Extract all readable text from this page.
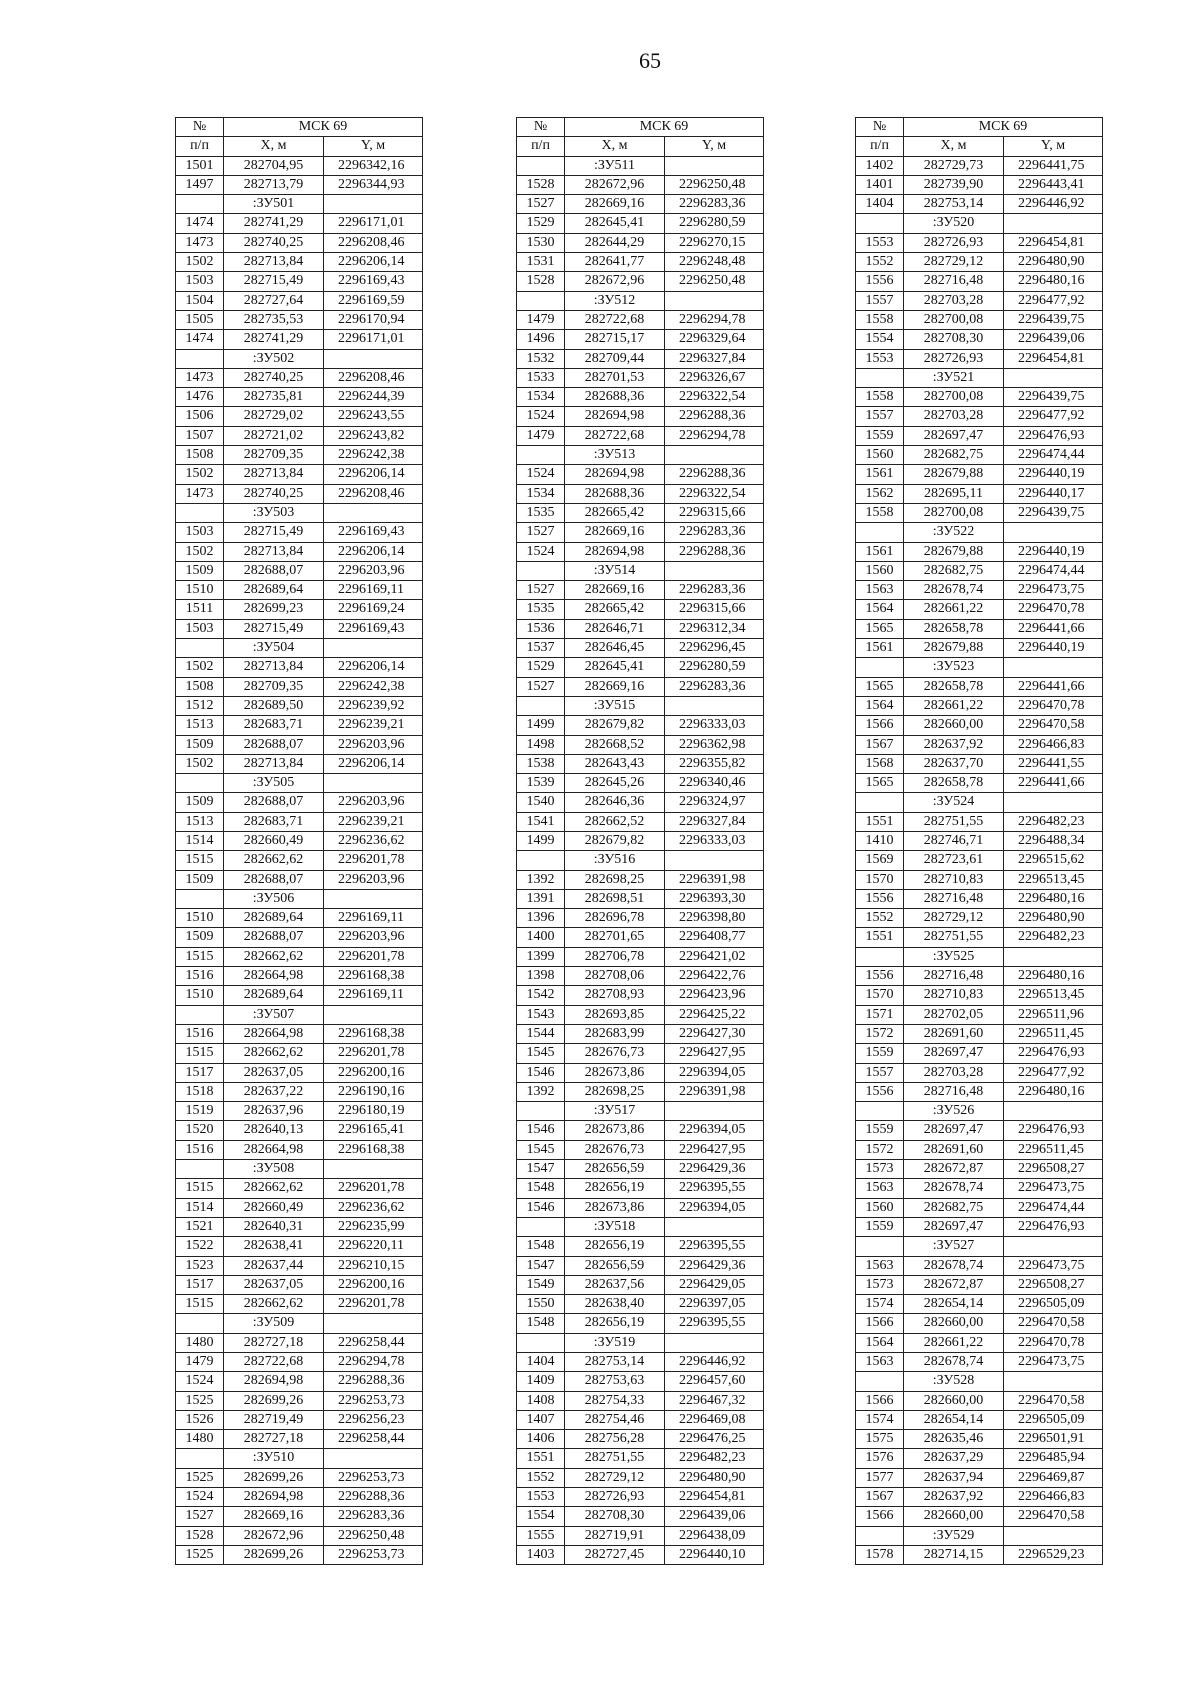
65
№	МСК 69	
п/п	X, м	Y, м
1501	282704,95	2296342,16
1497	282713,79	2296344,93
	:ЗУ501	
1474	282741,29	2296171,01
1473	282740,25	2296208,46
1502	282713,84	2296206,14
1503	282715,49	2296169,43
1504	282727,64	2296169,59
1505	282735,53	2296170,94
1474	282741,29	2296171,01
	:ЗУ502	
1473	282740,25	2296208,46
1476	282735,81	2296244,39
1506	282729,02	2296243,55
1507	282721,02	2296243,82
1508	282709,35	2296242,38
1502	282713,84	2296206,14
1473	282740,25	2296208,46
	:ЗУ503	
1503	282715,49	2296169,43
1502	282713,84	2296206,14
1509	282688,07	2296203,96
1510	282689,64	2296169,11
1511	282699,23	2296169,24
1503	282715,49	2296169,43
	:ЗУ504	
1502	282713,84	2296206,14
1508	282709,35	2296242,38
1512	282689,50	2296239,92
1513	282683,71	2296239,21
1509	282688,07	2296203,96
1502	282713,84	2296206,14
	:ЗУ505	
1509	282688,07	2296203,96
1513	282683,71	2296239,21
1514	282660,49	2296236,62
1515	282662,62	2296201,78
1509	282688,07	2296203,96
	:ЗУ506	
1510	282689,64	2296169,11
1509	282688,07	2296203,96
1515	282662,62	2296201,78
1516	282664,98	2296168,38
1510	282689,64	2296169,11
	:ЗУ507	
1516	282664,98	2296168,38
1515	282662,62	2296201,78
1517	282637,05	2296200,16
1518	282637,22	2296190,16
1519	282637,96	2296180,19
1520	282640,13	2296165,41
1516	282664,98	2296168,38
	:ЗУ508	
1515	282662,62	2296201,78
1514	282660,49	2296236,62
1521	282640,31	2296235,99
1522	282638,41	2296220,11
1523	282637,44	2296210,15
1517	282637,05	2296200,16
1515	282662,62	2296201,78
	:ЗУ509	
1480	282727,18	2296258,44
1479	282722,68	2296294,78
1524	282694,98	2296288,36
1525	282699,26	2296253,73
1526	282719,49	2296256,23
1480	282727,18	2296258,44
	:ЗУ510	
1525	282699,26	2296253,73
1524	282694,98	2296288,36
1527	282669,16	2296283,36
1528	282672,96	2296250,48
1525	282699,26	2296253,73
№	МСК 69	
п/п	X, м	Y, м
	:ЗУ511	
1528	282672,96	2296250,48
1527	282669,16	2296283,36
1529	282645,41	2296280,59
1530	282644,29	2296270,15
1531	282641,77	2296248,48
1528	282672,96	2296250,48
	:ЗУ512	
1479	282722,68	2296294,78
1496	282715,17	2296329,64
1532	282709,44	2296327,84
1533	282701,53	2296326,67
1534	282688,36	2296322,54
1524	282694,98	2296288,36
1479	282722,68	2296294,78
	:ЗУ513	
1524	282694,98	2296288,36
1534	282688,36	2296322,54
1535	282665,42	2296315,66
1527	282669,16	2296283,36
1524	282694,98	2296288,36
	:ЗУ514	
1527	282669,16	2296283,36
1535	282665,42	2296315,66
1536	282646,71	2296312,34
1537	282646,45	2296296,45
1529	282645,41	2296280,59
1527	282669,16	2296283,36
	:ЗУ515	
1499	282679,82	2296333,03
1498	282668,52	2296362,98
1538	282643,43	2296355,82
1539	282645,26	2296340,46
1540	282646,36	2296324,97
1541	282662,52	2296327,84
1499	282679,82	2296333,03
	:ЗУ516	
1392	282698,25	2296391,98
1391	282698,51	2296393,30
1396	282696,78	2296398,80
1400	282701,65	2296408,77
1399	282706,78	2296421,02
1398	282708,06	2296422,76
1542	282708,93	2296423,96
1543	282693,85	2296425,22
1544	282683,99	2296427,30
1545	282676,73	2296427,95
1546	282673,86	2296394,05
1392	282698,25	2296391,98
	:ЗУ517	
1546	282673,86	2296394,05
1545	282676,73	2296427,95
1547	282656,59	2296429,36
1548	282656,19	2296395,55
1546	282673,86	2296394,05
	:ЗУ518	
1548	282656,19	2296395,55
1547	282656,59	2296429,36
1549	282637,56	2296429,05
1550	282638,40	2296397,05
1548	282656,19	2296395,55
	:ЗУ519	
1404	282753,14	2296446,92
1409	282753,63	2296457,60
1408	282754,33	2296467,32
1407	282754,46	2296469,08
1406	282756,28	2296476,25
1551	282751,55	2296482,23
1552	282729,12	2296480,90
1553	282726,93	2296454,81
1554	282708,30	2296439,06
1555	282719,91	2296438,09
1403	282727,45	2296440,10
№	МСК 69	
п/п	X, м	Y, м
1402	282729,73	2296441,75
1401	282739,90	2296443,41
1404	282753,14	2296446,92
	:ЗУ520	
1553	282726,93	2296454,81
1552	282729,12	2296480,90
1556	282716,48	2296480,16
1557	282703,28	2296477,92
1558	282700,08	2296439,75
1554	282708,30	2296439,06
1553	282726,93	2296454,81
	:ЗУ521	
1558	282700,08	2296439,75
1557	282703,28	2296477,92
1559	282697,47	2296476,93
1560	282682,75	2296474,44
1561	282679,88	2296440,19
1562	282695,11	2296440,17
1558	282700,08	2296439,75
	:ЗУ522	
1561	282679,88	2296440,19
1560	282682,75	2296474,44
1563	282678,74	2296473,75
1564	282661,22	2296470,78
1565	282658,78	2296441,66
1561	282679,88	2296440,19
	:ЗУ523	
1565	282658,78	2296441,66
1564	282661,22	2296470,78
1566	282660,00	2296470,58
1567	282637,92	2296466,83
1568	282637,70	2296441,55
1565	282658,78	2296441,66
	:ЗУ524	
1551	282751,55	2296482,23
1410	282746,71	2296488,34
1569	282723,61	2296515,62
1570	282710,83	2296513,45
1556	282716,48	2296480,16
1552	282729,12	2296480,90
1551	282751,55	2296482,23
	:ЗУ525	
1556	282716,48	2296480,16
1570	282710,83	2296513,45
1571	282702,05	2296511,96
1572	282691,60	2296511,45
1559	282697,47	2296476,93
1557	282703,28	2296477,92
1556	282716,48	2296480,16
	:ЗУ526	
1559	282697,47	2296476,93
1572	282691,60	2296511,45
1573	282672,87	2296508,27
1563	282678,74	2296473,75
1560	282682,75	2296474,44
1559	282697,47	2296476,93
	:ЗУ527	
1563	282678,74	2296473,75
1573	282672,87	2296508,27
1574	282654,14	2296505,09
1566	282660,00	2296470,58
1564	282661,22	2296470,78
1563	282678,74	2296473,75
	:ЗУ528	
1566	282660,00	2296470,58
1574	282654,14	2296505,09
1575	282635,46	2296501,91
1576	282637,29	2296485,94
1577	282637,94	2296469,87
1567	282637,92	2296466,83
1566	282660,00	2296470,58
	:ЗУ529	
1578	282714,15	2296529,23
